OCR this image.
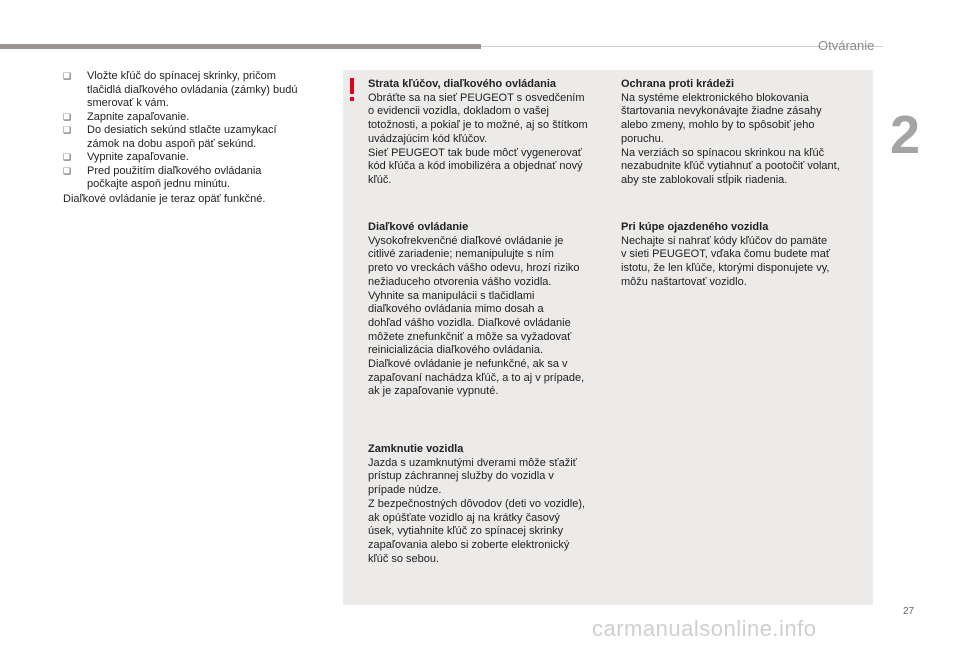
Otváranie
2
❑ Vložte kľúč do spínacej skrinky, pričom tlačidlá diaľkového ovládania (zámky) budú smerovať k vám.
❑ Zapnite zapaľovanie.
❑ Do desiatich sekúnd stlačte uzamykací zámok na dobu aspoň päť sekúnd.
❑ Vypnite zapaľovanie.
❑ Pred použitím diaľkového ovládania počkajte aspoň jednu minútu.
Diaľkové ovládanie je teraz opäť funkčné.
Strata kľúčov, diaľkového ovládania

Obráťte sa na sieť PEUGEOT s osvedčením
o evidencii vozidla, dokladom o vašej
totožnosti, a pokiaľ je to možné, aj so štítkom
uvádzajúcim kód kľúčov.
Sieť PEUGEOT tak bude môcť vygenerovať
kód kľúča a kód imobilizéra a objednať nový
kľúč.

Diaľkové ovládanie

Vysokofrekvenčné diaľkové ovládanie je
citlivé zariadenie; nemanipulujte s ním
preto vo vreckách vášho odevu, hrozí riziko
nežiaduceho otvorenia vášho vozidla.
Vyhnite sa manipulácii s tlačidlami
diaľkového ovládania mimo dosah a
dohľad vášho vozidla. Diaľkové ovládanie
môžete znefunkčniť a môže sa vyžadovať
reinicializácia diaľkového ovládania.
Diaľkové ovládanie je nefunkčné, ak sa v
zapaľovaní nachádza kľúč, a to aj v prípade,
ak je zapaľovanie vypnuté.

Zamknutie vozidla

Jazda s uzamknutými dverami môže sťažiť
prístup záchrannej služby do vozidla v
prípade núdze.
Z bezpečnostných dôvodov (deti vo vozidle),
ak opúšťate vozidlo aj na krátky časový
úsek, vytiahnite kľúč zo spínacej skrinky
zapaľovania alebo si zoberte elektronický
kľúč so sebou.

Ochrana proti krádeži

Na systéme elektronického blokovania
štartovania nevykonávajte žiadne zásahy
alebo zmeny, mohlo by to spôsobiť jeho
poruchu.
Na verziách so spínacou skrinkou na kľúč
nezabudnite kľúč vytiahnuť a pootočiť volant,
aby ste zablokovali stĺpik riadenia.

Pri kúpe ojazdeného vozidla

Nechajte si nahrať kódy kľúčov do pamäte
v sieti PEUGEOT, vďaka čomu budete mať
istotu, že len kľúče, ktorými disponujete vy,
môžu naštartovať vozidlo.

27
carmanualsonline.info
